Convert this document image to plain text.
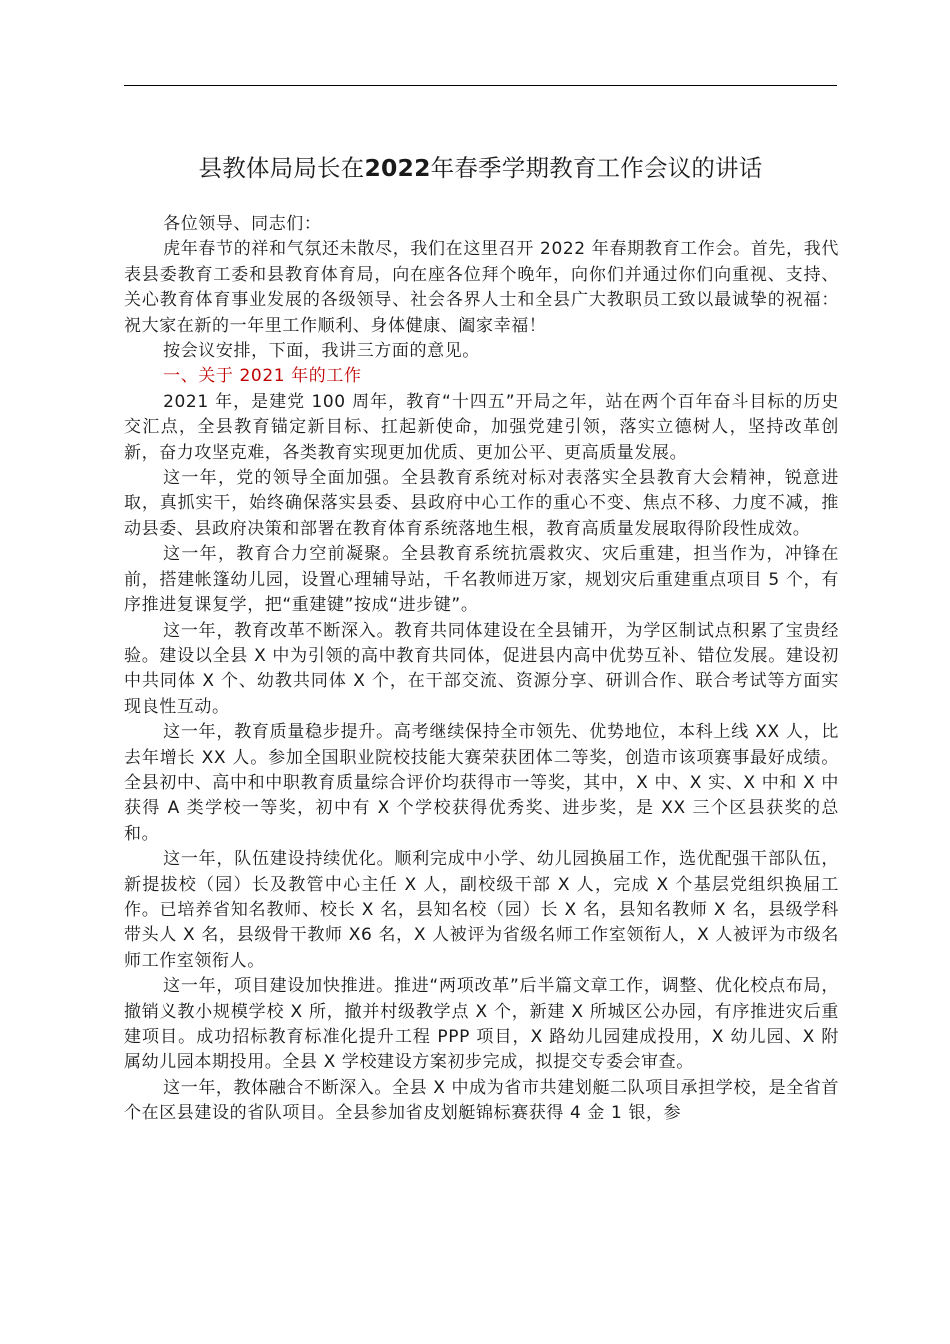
县教体局局长在2022年春季学期教育工作会议的讲话

各位领导、同志们：

虎年春节的祥和气氛还未散尽，我们在这里召开 2022 年春期教育工作会。首先，我代表县委教育工委和县教育体育局，向在座各位拜个晚年，向你们并通过你们向重视、支持、关心教育体育事业发展的各级领导、社会各界人士和全县广大教职员工致以最诚挚的祝福：祝大家在新的一年里工作顺利、身体健康、阖家幸福！

按会议安排，下面，我讲三方面的意见。

一、关于 2021 年的工作

2021 年，是建党 100 周年，教育“十四五”开局之年，站在两个百年奋斗目标的历史交汇点，全县教育锚定新目标、扛起新使命，加强党建引领，落实立德树人，坚持改革创新，奋力攻坚克难，各类教育实现更加优质、更加公平、更高质量发展。

这一年，党的领导全面加强。全县教育系统对标对表落实全县教育大会精神，锐意进取，真抓实干，始终确保落实县委、县政府中心工作的重心不变、焦点不移、力度不减，推动县委、县政府决策和部署在教育体育系统落地生根，教育高质量发展取得阶段性成效。

这一年，教育合力空前凝聚。全县教育系统抗震救灾、灾后重建，担当作为，冲锋在前，搭建帐篷幼儿园，设置心理辅导站，千名教师进万家，规划灾后重建重点项目 5 个，有序推进复课复学，把“重建键”按成“进步键”。

这一年，教育改革不断深入。教育共同体建设在全县铺开，为学区制试点积累了宝贵经验。建设以全县 X 中为引领的高中教育共同体，促进县内高中优势互补、错位发展。建设初中共同体 X 个、幼教共同体 X 个，在干部交流、资源分享、研训合作、联合考试等方面实现良性互动。

这一年，教育质量稳步提升。高考继续保持全市领先、优势地位，本科上线 XX 人，比去年增长 XX 人。参加全国职业院校技能大赛荣获团体二等奖，创造市该项赛事最好成绩。全县初中、高中和中职教育质量综合评价均获得市一等奖，其中，X 中、X 实、X 中和 X 中获得 A 类学校一等奖，初中有 X 个学校获得优秀奖、进步奖，是 XX 三个区县获奖的总和。

这一年，队伍建设持续优化。顺利完成中小学、幼儿园换届工作，选优配强干部队伍，新提拔校（园）长及教管中心主任 X 人，副校级干部 X 人，完成 X 个基层党组织换届工作。已培养省知名教师、校长 X 名，县知名校（园）长 X 名，县知名教师 X 名，县级学科带头人 X 名，县级骨干教师 X6 名，X 人被评为省级名师工作室领衔人，X 人被评为市级名师工作室领衔人。

这一年，项目建设加快推进。推进“两项改革”后半篇文章工作，调整、优化校点布局，撤销义教小规模学校 X 所，撤并村级教学点 X 个，新建 X 所城区公办园，有序推进灾后重建项目。成功招标教育标准化提升工程 PPP 项目，X 路幼儿园建成投用，X 幼儿园、X 附属幼儿园本期投用。全县 X 学校建设方案初步完成，拟提交专委会审查。

这一年，教体融合不断深入。全县 X 中成为省市共建划艇二队项目承担学校，是全省首个在区县建设的省队项目。全县参加省皮划艇锦标赛获得 4 金 1 银，参
